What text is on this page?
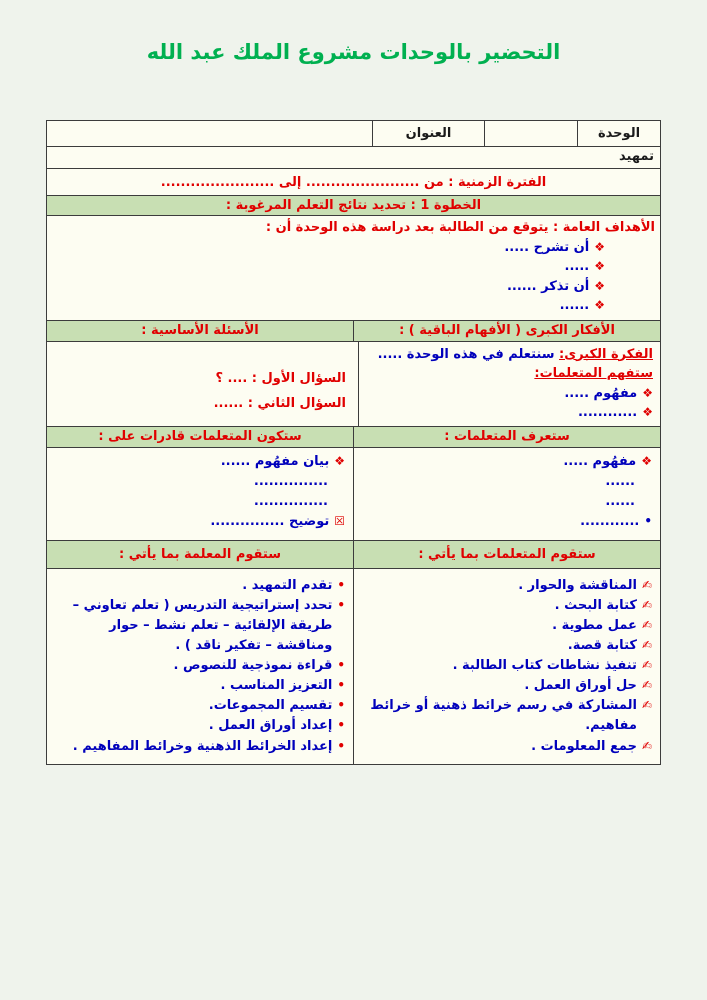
التحضير بالوحدات مشروع الملك عبد الله
الوحدة
العنوان
تمهيد
الفترة الزمنية : من ....................... إلى .......................
الخطوة 1 : تحديد نتائج التعلم المرغوبة :
الأهداف العامة : يتوقع من الطالبة بعد دراسة هذه الوحدة أن :
❖
أن تشرح .....
❖
.....
❖
أن تذكر ......
❖
......
الأفكار الكبرى ( الأفهام الباقية ) :
الأسئلة الأساسية :
الفكرة الكبرى: سنتعلم في هذه الوحدة .....
ستفهم المتعلمات:
❖
مفهُوم .....
❖
............
السؤال الأول : .... ؟
السؤال الثاني : ......
ستعرف المتعلمات :
ستكون المتعلمات قادرات على :
❖
مفهُوم .....
......
......
•
............
❖
بيان مفهُوم ......
...............
...............
☒
توضيح ...............
ستقوم المتعلمات بما يأتي :
ستقوم المعلمة بما يأتي :
✍
المناقشة والحوار .
✍
كتابة البحث .
✍
عمل مطوية .
✍
كتابة قصة.
✍
تنفيذ نشاطات كتاب الطالبة .
✍
حل أوراق العمل .
✍
المشاركة في رسم خرائط ذهنية أو خرائط مفاهيم.
✍
جمع المعلومات .
•
تقدم التمهيد .
•
تحدد إستراتيجية التدريس ( تعلم تعاوني – طريقة الإلقائية – تعلم نشط – حوار ومناقشة – تفكير ناقد ) .
•
قراءة نموذجية للنصوص .
•
التعزيز المناسب .
•
تقسيم المجموعات.
•
إعداد أوراق العمل .
•
إعداد الخرائط الذهنية وخرائط المفاهيم .
